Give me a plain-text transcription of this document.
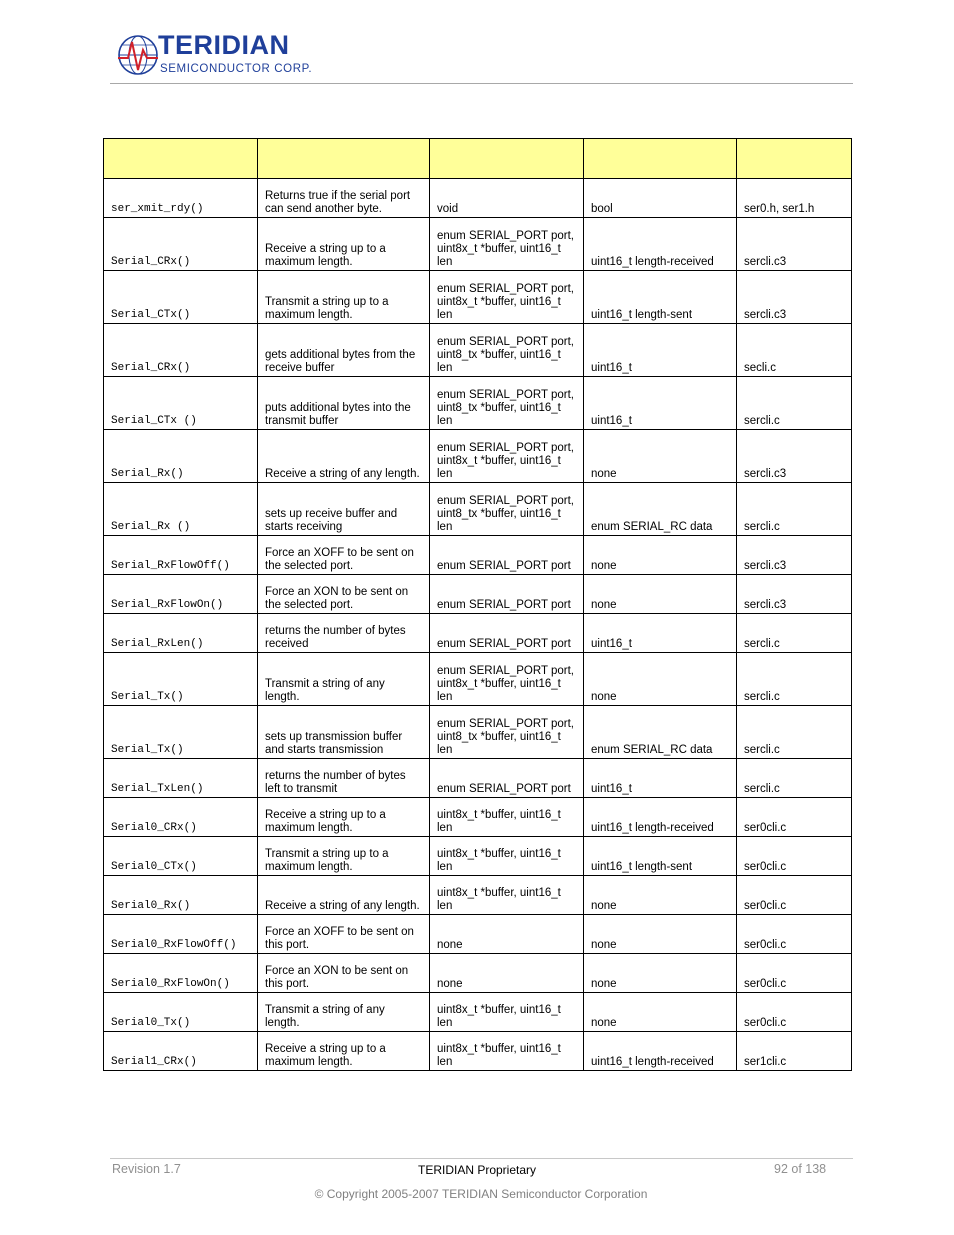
TERIDIAN
SEMICONDUCTOR CORP.

ser_xmit_rdy()	Returns true if the serial port can send another byte.	void	bool	ser0.h, ser1.h
Serial_CRx()	Receive a string up to a maximum length.	enum SERIAL_PORT port, uint8x_t *buffer, uint16_t len	uint16_t length-received	sercli.c3
Serial_CTx()	Transmit a string up to a maximum length.	enum SERIAL_PORT port, uint8x_t *buffer, uint16_t len	uint16_t length-sent	sercli.c3
Serial_CRx()	gets additional bytes from the receive buffer	enum SERIAL_PORT port, uint8_tx *buffer, uint16_t len	uint16_t	secli.c
Serial_CTx ()	puts additional bytes into the transmit buffer	enum SERIAL_PORT port, uint8_tx *buffer, uint16_t len	uint16_t	sercli.c
Serial_Rx()	Receive a string of any length.	enum SERIAL_PORT port, uint8x_t *buffer, uint16_t len	none	sercli.c3
Serial_Rx ()	sets up receive buffer and starts receiving	enum SERIAL_PORT port, uint8_tx *buffer, uint16_t len	enum SERIAL_RC data	sercli.c
Serial_RxFlowOff()	Force an XOFF to be sent on the selected port.	enum SERIAL_PORT port	none	sercli.c3
Serial_RxFlowOn()	Force an XON to be sent on the selected port.	enum SERIAL_PORT port	none	sercli.c3
Serial_RxLen()	returns the number of bytes received	enum SERIAL_PORT port	uint16_t	sercli.c
Serial_Tx()	Transmit a string of any length.	enum SERIAL_PORT port, uint8x_t *buffer, uint16_t len	none	sercli.c
Serial_Tx()	sets up transmission buffer and starts transmission	enum SERIAL_PORT port, uint8_tx *buffer, uint16_t len	enum SERIAL_RC data	sercli.c
Serial_TxLen()	returns the number of bytes left to transmit	enum SERIAL_PORT port	uint16_t	sercli.c
Serial0_CRx()	Receive a string up to a maximum length.	uint8x_t *buffer, uint16_t len	uint16_t length-received	ser0cli.c
Serial0_CTx()	Transmit a string up to a maximum length.	uint8x_t *buffer, uint16_t len	uint16_t length-sent	ser0cli.c
Serial0_Rx()	Receive a string of any length.	uint8x_t *buffer, uint16_t len	none	ser0cli.c
Serial0_RxFlowOff()	Force an XOFF to be sent on this port.	none	none	ser0cli.c
Serial0_RxFlowOn()	Force an XON to be sent on this port.	none	none	ser0cli.c
Serial0_Tx()	Transmit a string of any length.	uint8x_t *buffer, uint16_t len	none	ser0cli.c
Serial1_CRx()	Receive a string up to a maximum length.	uint8x_t *buffer, uint16_t len	uint16_t length-received	ser1cli.c
Revision 1.7	TERIDIAN Proprietary	92 of 138
© Copyright 2005-2007 TERIDIAN Semiconductor Corporation
